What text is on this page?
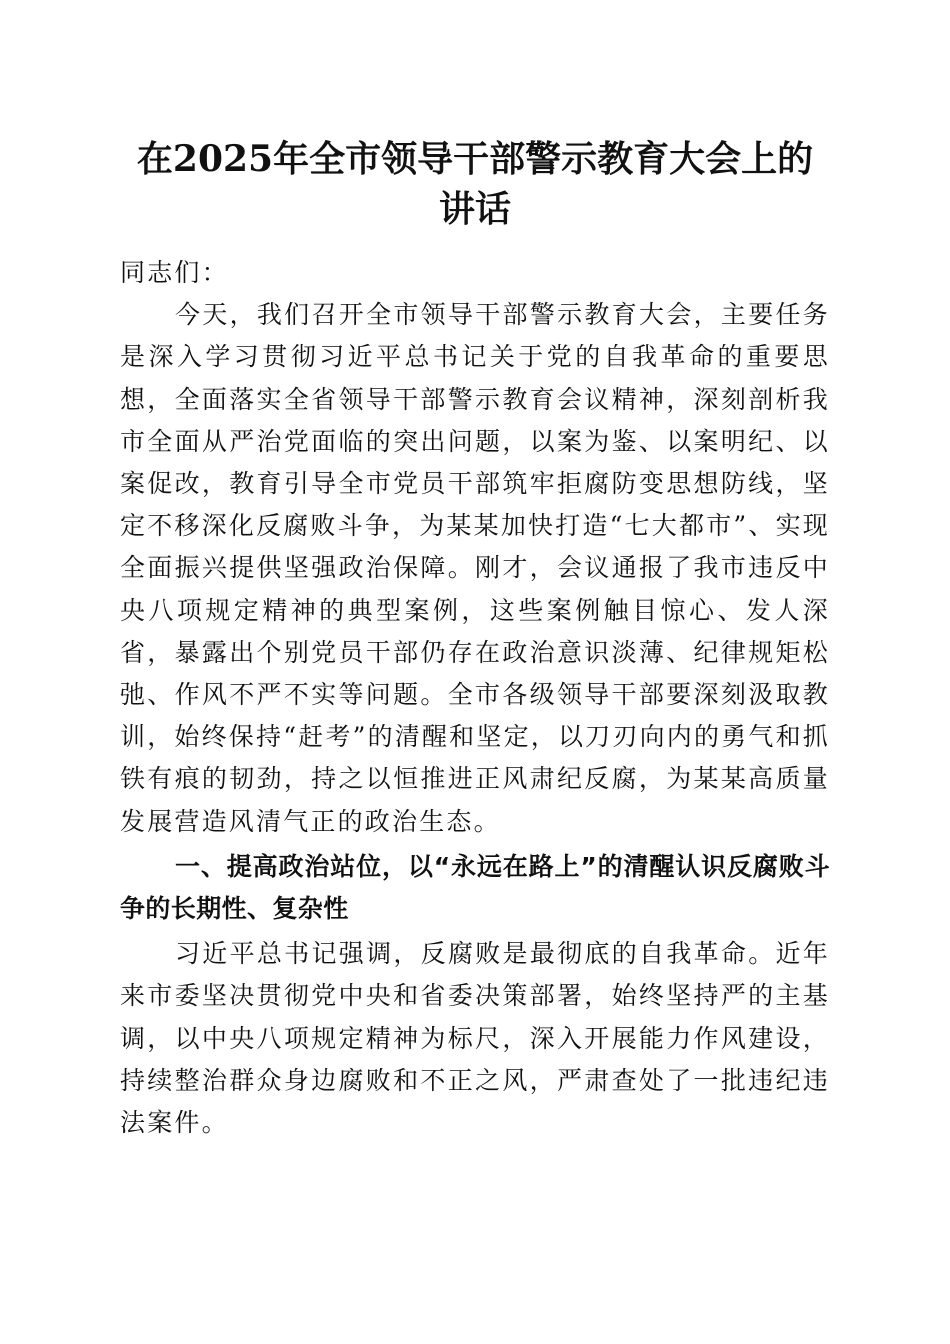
在2025年全市领导干部警示教育大会上的讲话

同志们：

今天，我们召开全市领导干部警示教育大会，主要任务是深入学习贯彻习近平总书记关于党的自我革命的重要思想，全面落实全省领导干部警示教育会议精神，深刻剖析我市全面从严治党面临的突出问题，以案为鉴、以案明纪、以案促改，教育引导全市党员干部筑牢拒腐防变思想防线，坚定不移深化反腐败斗争，为某某加快打造“七大都市”、实现全面振兴提供坚强政治保障。刚才，会议通报了我市违反中央八项规定精神的典型案例，这些案例触目惊心、发人深省，暴露出个别党员干部仍存在政治意识淡薄、纪律规矩松弛、作风不严不实等问题。全市各级领导干部要深刻汲取教训，始终保持“赶考”的清醒和坚定，以刀刃向内的勇气和抓铁有痕的韧劲，持之以恒推进正风肃纪反腐，为某某高质量发展营造风清气正的政治生态。

一、提高政治站位，以“永远在路上”的清醒认识反腐败斗争的长期性、复杂性

习近平总书记强调，反腐败是最彻底的自我革命。近年来市委坚决贯彻党中央和省委决策部署，始终坚持严的主基调，以中央八项规定精神为标尺，深入开展能力作风建设，持续整治群众身边腐败和不正之风，严肃查处了一批违纪违法案件。
